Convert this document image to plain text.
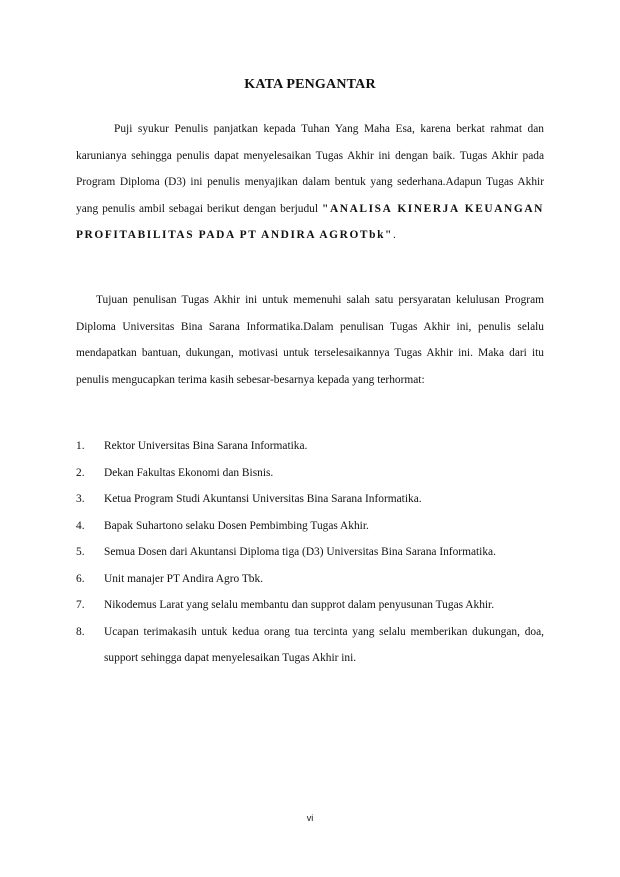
KATA PENGANTAR
Puji syukur Penulis panjatkan kepada Tuhan Yang Maha Esa, karena berkat rahmat dan karunianya sehingga penulis dapat menyelesaikan Tugas Akhir ini dengan baik. Tugas Akhir pada Program Diploma (D3) ini penulis menyajikan dalam bentuk yang sederhana.Adapun Tugas Akhir yang penulis ambil sebagai berikut dengan berjudul "ANALISA KINERJA KEUANGAN PROFITABILITAS PADA PT ANDIRA AGROTbk".
Tujuan penulisan Tugas Akhir ini untuk memenuhi salah satu persyaratan kelulusan Program Diploma Universitas Bina Sarana Informatika.Dalam penulisan Tugas Akhir ini, penulis selalu mendapatkan bantuan, dukungan, motivasi untuk terselesaikannya Tugas Akhir ini. Maka dari itu penulis mengucapkan terima kasih sebesar-besarnya kepada yang terhormat:
1. Rektor Universitas Bina Sarana Informatika.
2. Dekan Fakultas Ekonomi dan Bisnis.
3. Ketua Program Studi Akuntansi Universitas Bina Sarana Informatika.
4. Bapak Suhartono selaku Dosen Pembimbing Tugas Akhir.
5. Semua Dosen dari Akuntansi Diploma tiga (D3) Universitas Bina Sarana Informatika.
6. Unit manajer PT Andira Agro Tbk.
7. Nikodemus Larat yang selalu membantu dan supprot dalam penyusunan Tugas Akhir.
8. Ucapan terimakasih untuk kedua orang tua tercinta yang selalu memberikan dukungan, doa, support sehingga dapat menyelesaikan Tugas Akhir ini.
vi
